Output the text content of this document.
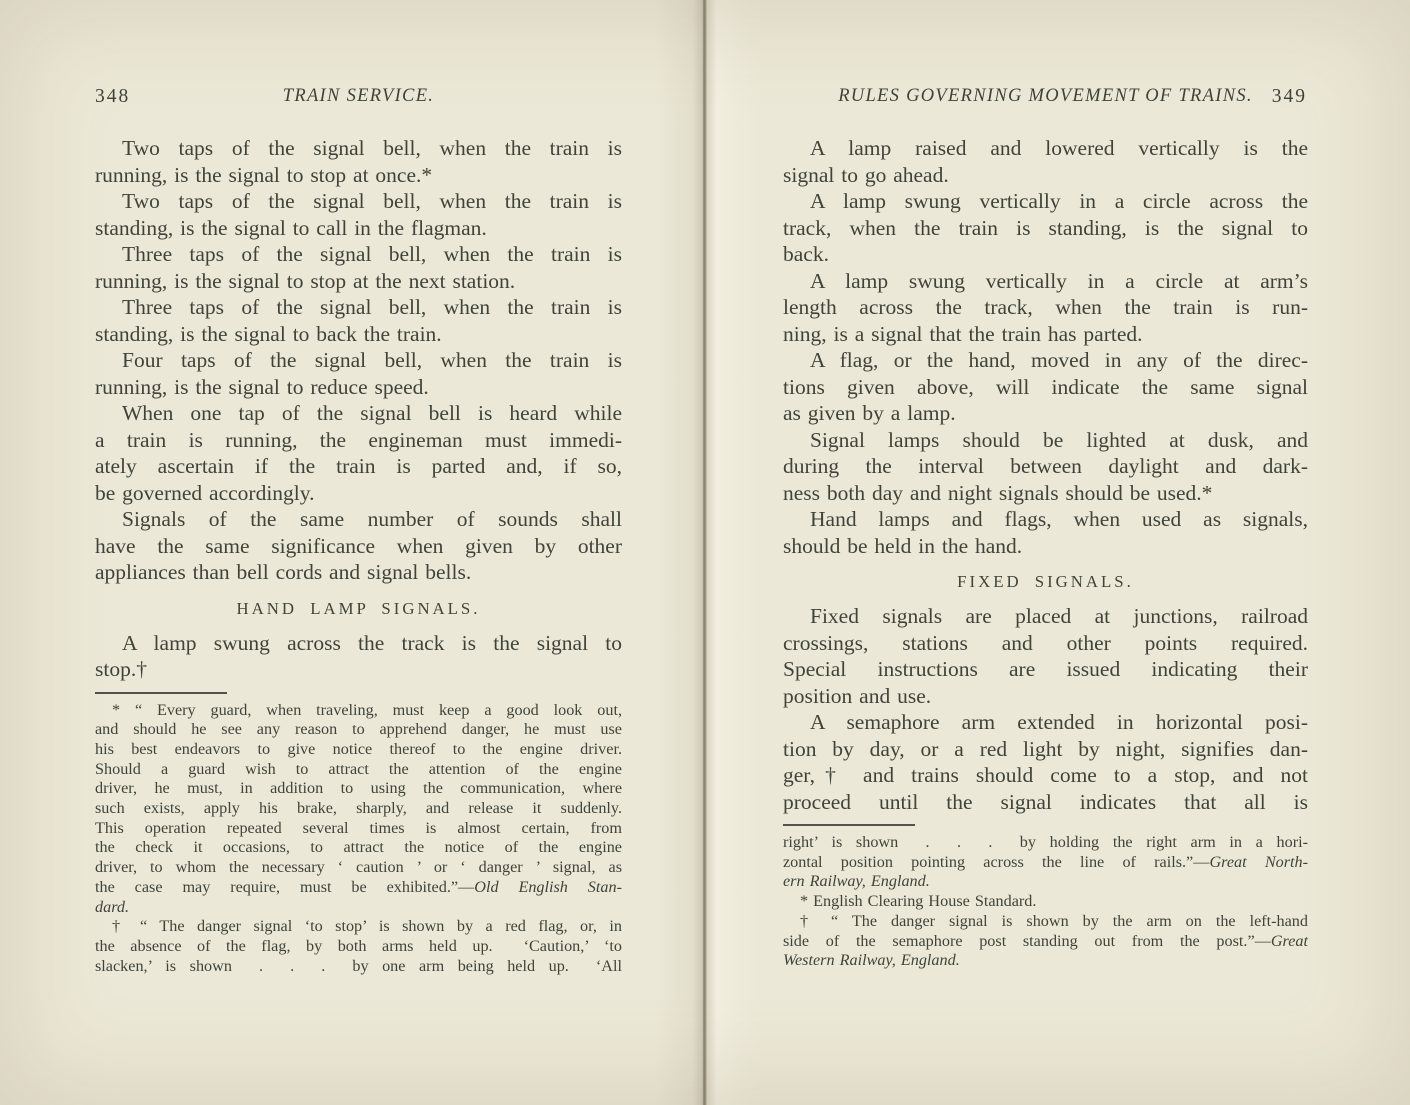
348	TRAIN SERVICE.
Two taps of the signal bell, when the train is
running, is the signal to stop at once.*
Two taps of the signal bell, when the train is
standing, is the signal to call in the flagman.
Three taps of the signal bell, when the train is
running, is the signal to stop at the next station.
Three taps of the signal bell, when the train is
standing, is the signal to back the train.
Four taps of the signal bell, when the train is
running, is the signal to reduce speed.
When one tap of the signal bell is heard while
a train is running, the engineman must immedi-
ately ascertain if the train is parted and, if so,
be governed accordingly.
Signals of the same number of sounds shall
have the same significance when given by other
appliances than bell cords and signal bells.
HAND LAMP SIGNALS.
A lamp swung across the track is the signal to
stop.†
* “ Every guard, when traveling, must keep a good look out,
and should he see any reason to apprehend danger, he must use
his best endeavors to give notice thereof to the engine driver.
Should a guard wish to attract the attention of the engine
driver, he must, in addition to using the communication, where
such exists, apply his brake, sharply, and release it suddenly.
This operation repeated several times is almost certain, from
the check it occasions, to attract the notice of the engine
driver, to whom the necessary ‘ caution ’ or ‘ danger ’ signal, as
the case may require, must be exhibited.”—Old English Stan-
dard.
† “ The danger signal ‘to stop’ is shown by a red flag, or, in
the absence of the flag, by both arms held up.  ‘Caution,’ ‘to
slacken,’ is shown  .  .  .  by one arm being held up.  ‘All
RULES GOVERNING MOVEMENT OF TRAINS. 349
A lamp raised and lowered vertically is the
signal to go ahead.
A lamp swung vertically in a circle across the
track, when the train is standing, is the signal to
back.
A lamp swung vertically in a circle at arm’s
length across the track, when the train is run-
ning, is a signal that the train has parted.
A flag, or the hand, moved in any of the direc-
tions given above, will indicate the same signal
as given by a lamp.
Signal lamps should be lighted at dusk, and
during the interval between daylight and dark-
ness both day and night signals should be used.*
Hand lamps and flags, when used as signals,
should be held in the hand.
FIXED SIGNALS.
Fixed signals are placed at junctions, railroad
crossings, stations and other points required.
Special instructions are issued indicating their
position and use.
A semaphore arm extended in horizontal posi-
tion by day, or a red light by night, signifies dan-
ger,† and trains should come to a stop, and not
proceed until the signal indicates that all is
right’ is shown  .  .  .  by holding the right arm in a hori-
zontal position pointing across the line of rails.”—Great North-
ern Railway, England.
* English Clearing House Standard.
† “ The danger signal is shown by the arm on the left-hand
side of the semaphore post standing out from the post.”—Great
Western Railway, England.
